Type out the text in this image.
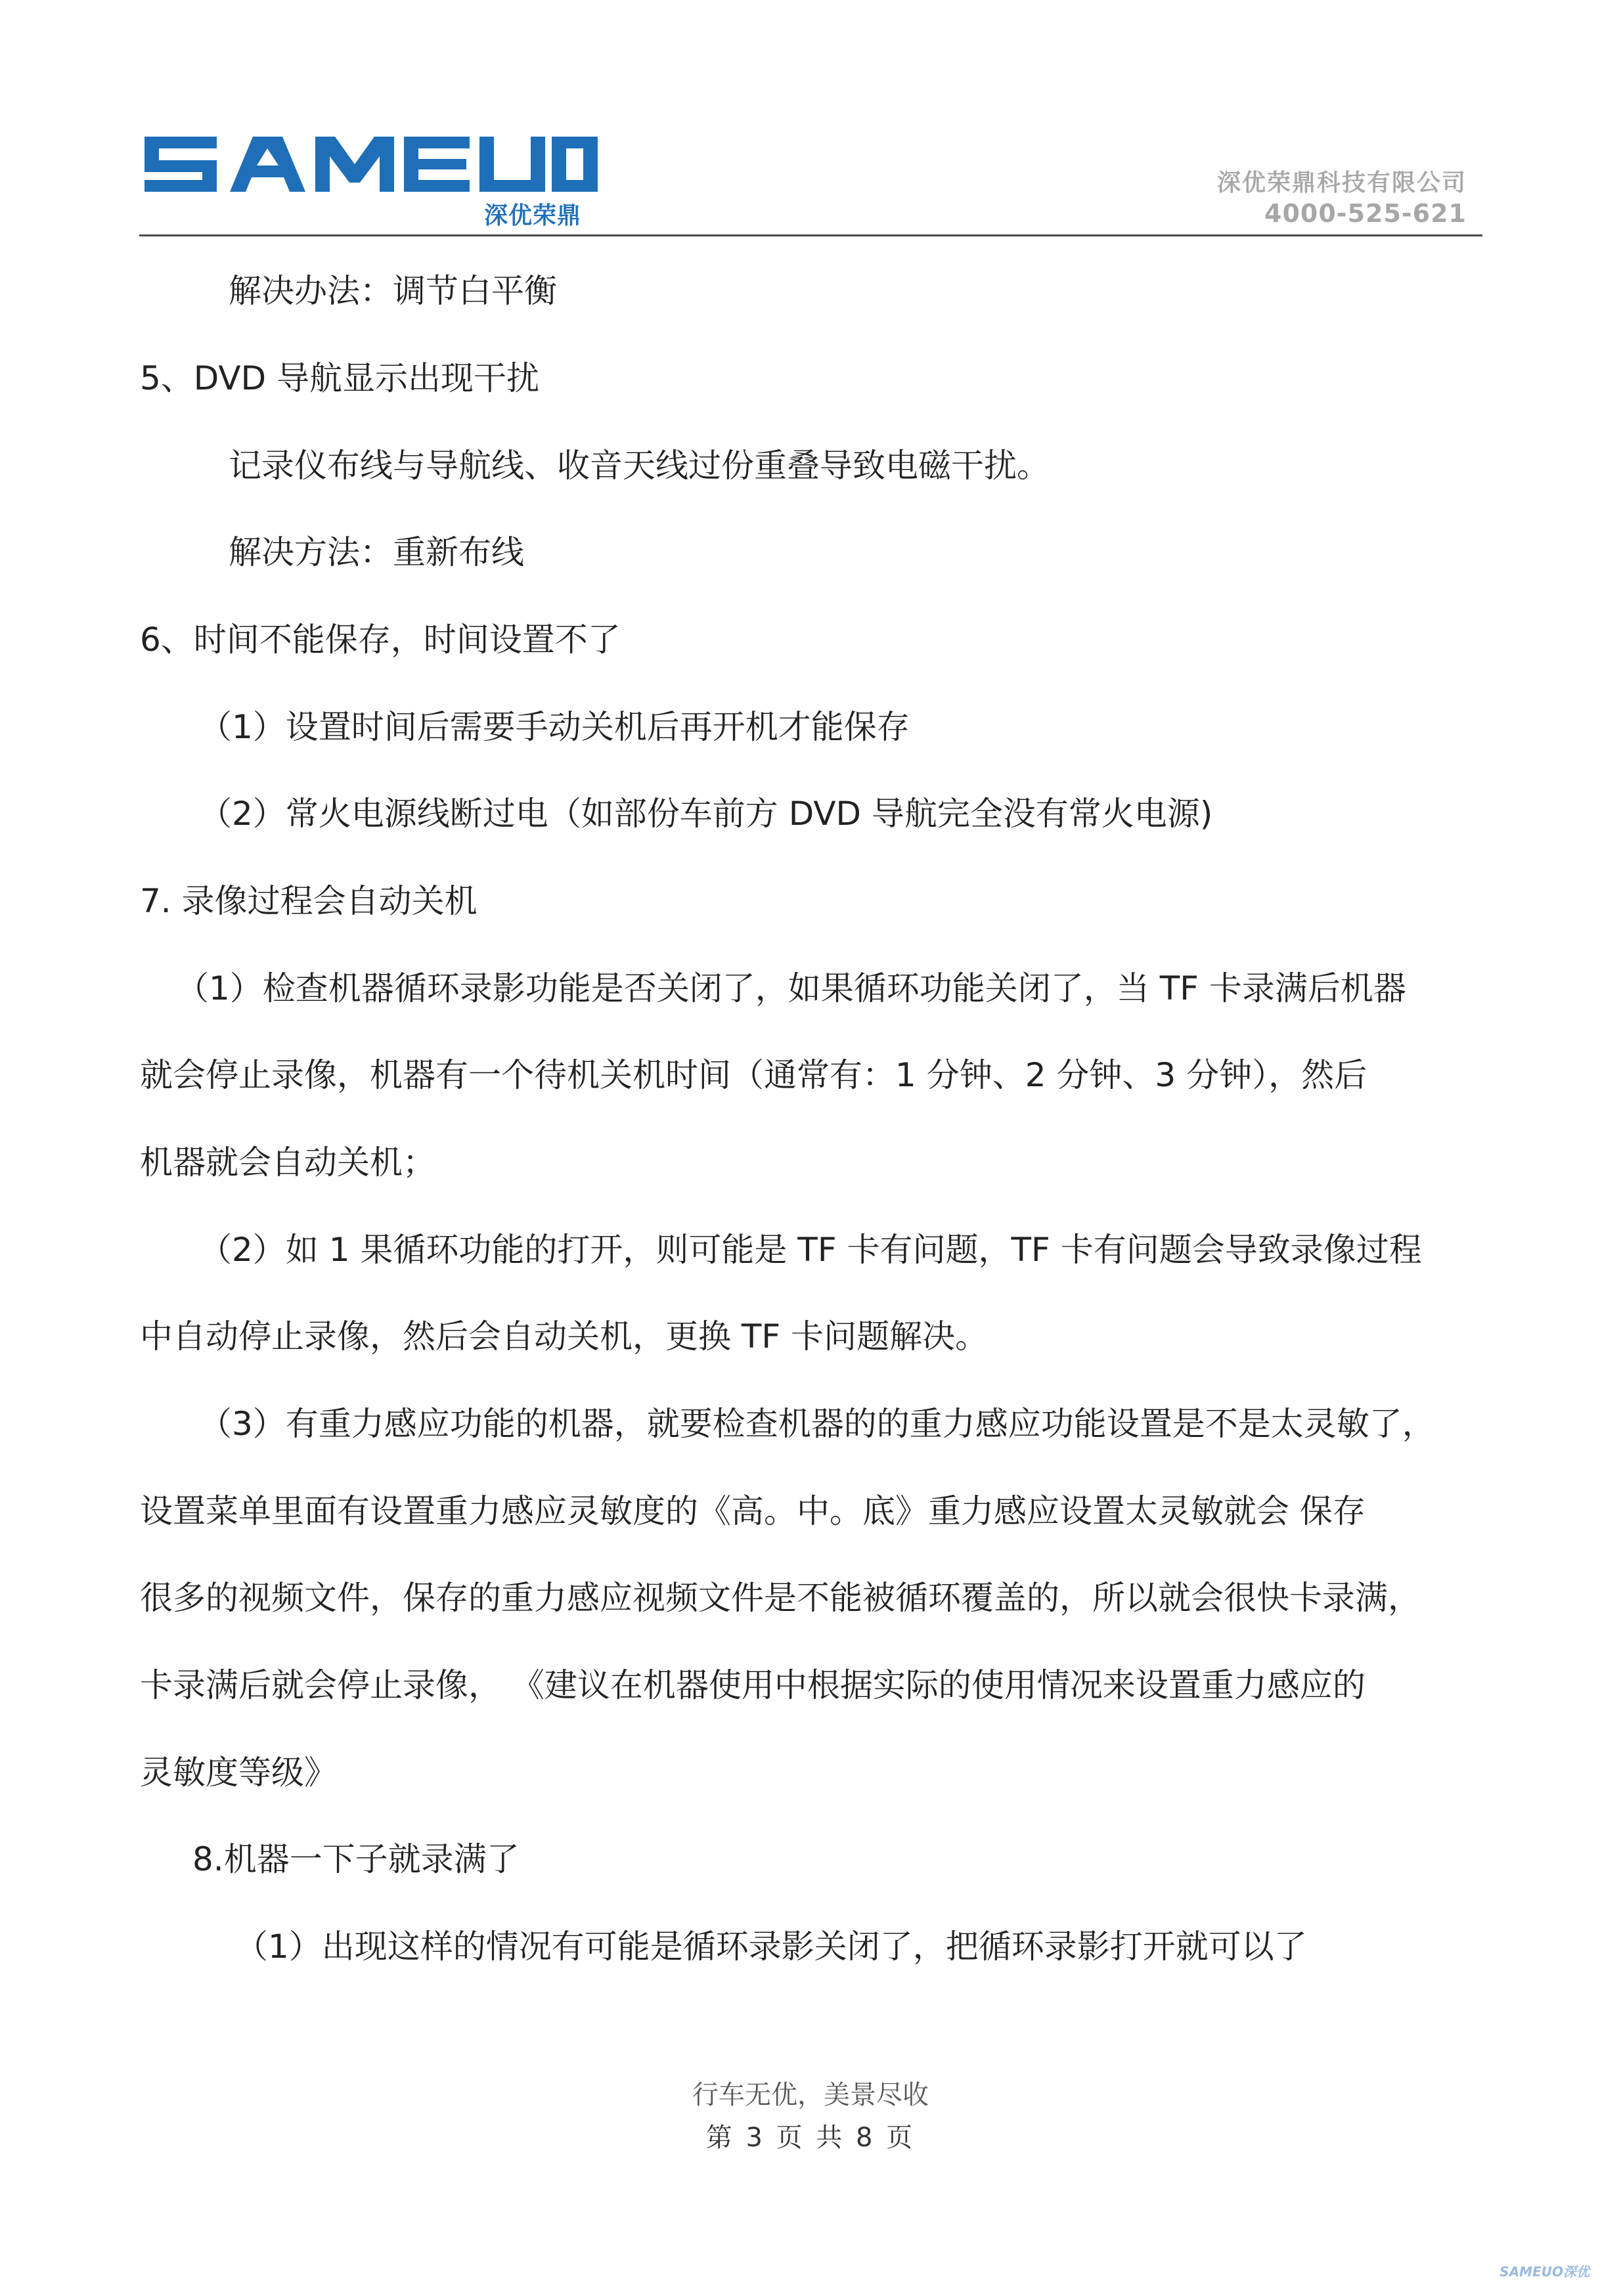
深优荣鼎
深优荣鼎科技有限公司
4000-525-621
解决办法：调节白平衡
5、DVD 导航显示出现干扰
记录仪布线与导航线、收音天线过份重叠导致电磁干扰。
解决方法：重新布线
6、时间不能保存，时间设置不了
（1）设置时间后需要手动关机后再开机才能保存
（2）常火电源线断过电（如部份车前方 DVD 导航完全没有常火电源)
7. 录像过程会自动关机
（1）检查机器循环录影功能是否关闭了，如果循环功能关闭了，当 TF 卡录满后机器
就会停止录像，机器有一个待机关机时间（通常有：1 分钟、2 分钟、3 分钟），然后
机器就会自动关机；
（2）如 1 果循环功能的打开，则可能是 TF 卡有问题，TF 卡有问题会导致录像过程
中自动停止录像，然后会自动关机，更换 TF 卡问题解决。
（3）有重力感应功能的机器，就要检查机器的的重力感应功能设置是不是太灵敏了，
设置菜单里面有设置重力感应灵敏度的《高。中。底》重力感应设置太灵敏就会 保存
很多的视频文件，保存的重力感应视频文件是不能被循环覆盖的，所以就会很快卡录满，
卡录满后就会停止录像， 《建议在机器使用中根据实际的使用情况来设置重力感应的
灵敏度等级》
8.机器一下子就录满了
（1）出现这样的情况有可能是循环录影关闭了，把循环录影打开就可以了
行车无优，美景尽收
第 3 页 共 8 页
SAMEUO深优
